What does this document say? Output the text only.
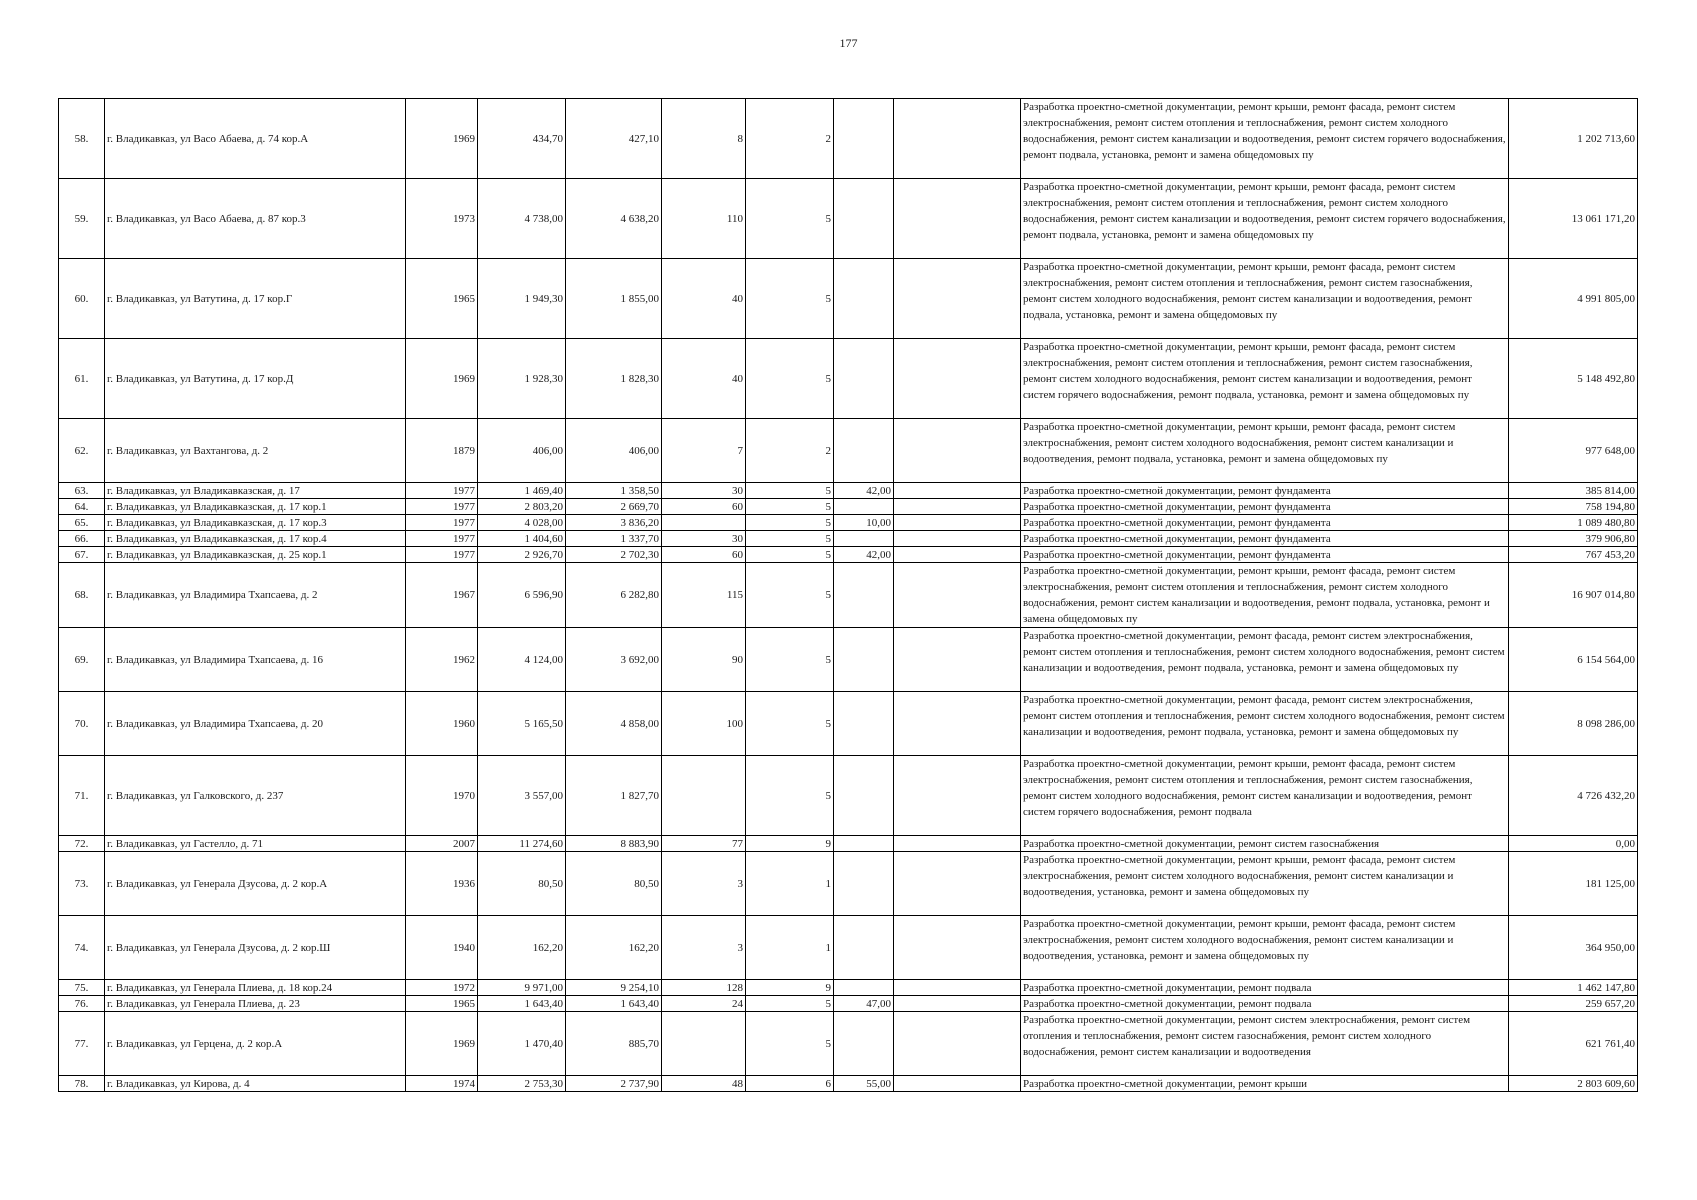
177
58.	г. Владикавказ, ул Васо Абаева, д. 74 кор.А	1969	434,70	427,10	8	2			Разработка проектно-сметной документации, ремонт крыши, ремонт фасада, ремонт систем электроснабжения, ремонт систем отопления и теплоснабжения, ремонт систем холодного водоснабжения, ремонт систем канализации и водоотведения, ремонт систем горячего водоснабжения, ремонт подвала, установка, ремонт и замена общедомовых пу	1 202 713,60
59.	г. Владикавказ, ул Васо Абаева, д. 87 кор.3	1973	4 738,00	4 638,20	110	5			Разработка проектно-сметной документации, ремонт крыши, ремонт фасада, ремонт систем электроснабжения, ремонт систем отопления и теплоснабжения, ремонт систем холодного водоснабжения, ремонт систем канализации и водоотведения, ремонт систем горячего водоснабжения, ремонт подвала, установка, ремонт и замена общедомовых пу	13 061 171,20
60.	г. Владикавказ, ул Ватутина, д. 17 кор.Г	1965	1 949,30	1 855,00	40	5			Разработка проектно-сметной документации, ремонт крыши, ремонт фасада, ремонт систем электроснабжения, ремонт систем отопления и теплоснабжения, ремонт систем газоснабжения, ремонт систем холодного водоснабжения, ремонт систем канализации и водоотведения, ремонт подвала, установка, ремонт и замена общедомовых пу	4 991 805,00
61.	г. Владикавказ, ул Ватутина, д. 17 кор.Д	1969	1 928,30	1 828,30	40	5			Разработка проектно-сметной документации, ремонт крыши, ремонт фасада, ремонт систем электроснабжения, ремонт систем отопления и теплоснабжения, ремонт систем газоснабжения, ремонт систем холодного водоснабжения, ремонт систем канализации и водоотведения, ремонт систем горячего водоснабжения, ремонт подвала, установка, ремонт и замена общедомовых пу	5 148 492,80
62.	г. Владикавказ, ул Вахтангова, д. 2	1879	406,00	406,00	7	2			Разработка проектно-сметной документации, ремонт крыши, ремонт фасада, ремонт систем электроснабжения, ремонт систем холодного водоснабжения, ремонт систем канализации и водоотведения, ремонт подвала, установка, ремонт и замена общедомовых пу	977 648,00
63.	г. Владикавказ, ул Владикавказская, д. 17	1977	1 469,40	1 358,50	30	5	42,00		Разработка проектно-сметной документации, ремонт фундамента	385 814,00
64.	г. Владикавказ, ул Владикавказская, д. 17 кор.1	1977	2 803,20	2 669,70	60	5			Разработка проектно-сметной документации, ремонт фундамента	758 194,80
65.	г. Владикавказ, ул Владикавказская, д. 17 кор.3	1977	4 028,00	3 836,20		5	10,00		Разработка проектно-сметной документации, ремонт фундамента	1 089 480,80
66.	г. Владикавказ, ул Владикавказская, д. 17 кор.4	1977	1 404,60	1 337,70	30	5			Разработка проектно-сметной документации, ремонт фундамента	379 906,80
67.	г. Владикавказ, ул Владикавказская, д. 25 кор.1	1977	2 926,70	2 702,30	60	5	42,00		Разработка проектно-сметной документации, ремонт фундамента	767 453,20
68.	г. Владикавказ, ул Владимира Тхапсаева, д. 2	1967	6 596,90	6 282,80	115	5			Разработка проектно-сметной документации, ремонт крыши, ремонт фасада, ремонт систем электроснабжения, ремонт систем отопления и теплоснабжения, ремонт систем холодного водоснабжения, ремонт систем канализации и водоотведения, ремонт подвала, установка, ремонт и замена общедомовых пу	16 907 014,80
69.	г. Владикавказ, ул Владимира Тхапсаева, д. 16	1962	4 124,00	3 692,00	90	5			Разработка проектно-сметной документации, ремонт фасада, ремонт систем электроснабжения, ремонт систем отопления и теплоснабжения, ремонт систем холодного водоснабжения, ремонт систем канализации и водоотведения, ремонт подвала, установка, ремонт и замена общедомовых пу	6 154 564,00
70.	г. Владикавказ, ул Владимира Тхапсаева, д. 20	1960	5 165,50	4 858,00	100	5			Разработка проектно-сметной документации, ремонт фасада, ремонт систем электроснабжения, ремонт систем отопления и теплоснабжения, ремонт систем холодного водоснабжения, ремонт систем канализации и водоотведения, ремонт подвала, установка, ремонт и замена общедомовых пу	8 098 286,00
71.	г. Владикавказ, ул Галковского, д. 237	1970	3 557,00	1 827,70		5			Разработка проектно-сметной документации, ремонт крыши, ремонт фасада, ремонт систем электроснабжения, ремонт систем отопления и теплоснабжения, ремонт систем газоснабжения, ремонт систем холодного водоснабжения, ремонт систем канализации и водоотведения, ремонт систем горячего водоснабжения, ремонт подвала	4 726 432,20
72.	г. Владикавказ, ул Гастелло, д. 71	2007	11 274,60	8 883,90	77	9			Разработка проектно-сметной документации, ремонт систем газоснабжения	0,00
73.	г. Владикавказ, ул Генерала Дзусова, д. 2 кор.А	1936	80,50	80,50	3	1			Разработка проектно-сметной документации, ремонт крыши, ремонт фасада, ремонт систем электроснабжения, ремонт систем холодного водоснабжения, ремонт систем канализации и водоотведения, установка, ремонт и замена общедомовых пу	181 125,00
74.	г. Владикавказ, ул Генерала Дзусова, д. 2 кор.Ш	1940	162,20	162,20	3	1			Разработка проектно-сметной документации, ремонт крыши, ремонт фасада, ремонт систем электроснабжения, ремонт систем холодного водоснабжения, ремонт систем канализации и водоотведения, установка, ремонт и замена общедомовых пу	364 950,00
75.	г. Владикавказ, ул Генерала Плиева, д. 18 кор.24	1972	9 971,00	9 254,10	128	9			Разработка проектно-сметной документации, ремонт подвала	1 462 147,80
76.	г. Владикавказ, ул Генерала Плиева, д. 23	1965	1 643,40	1 643,40	24	5	47,00		Разработка проектно-сметной документации, ремонт подвала	259 657,20
77.	г. Владикавказ, ул Герцена, д. 2 кор.А	1969	1 470,40	885,70		5			Разработка проектно-сметной документации, ремонт систем электроснабжения, ремонт систем отопления и теплоснабжения, ремонт систем газоснабжения, ремонт систем холодного водоснабжения, ремонт систем канализации и водоотведения	621 761,40
78.	г. Владикавказ, ул Кирова, д. 4	1974	2 753,30	2 737,90	48	6	55,00		Разработка проектно-сметной документации, ремонт крыши	2 803 609,60
